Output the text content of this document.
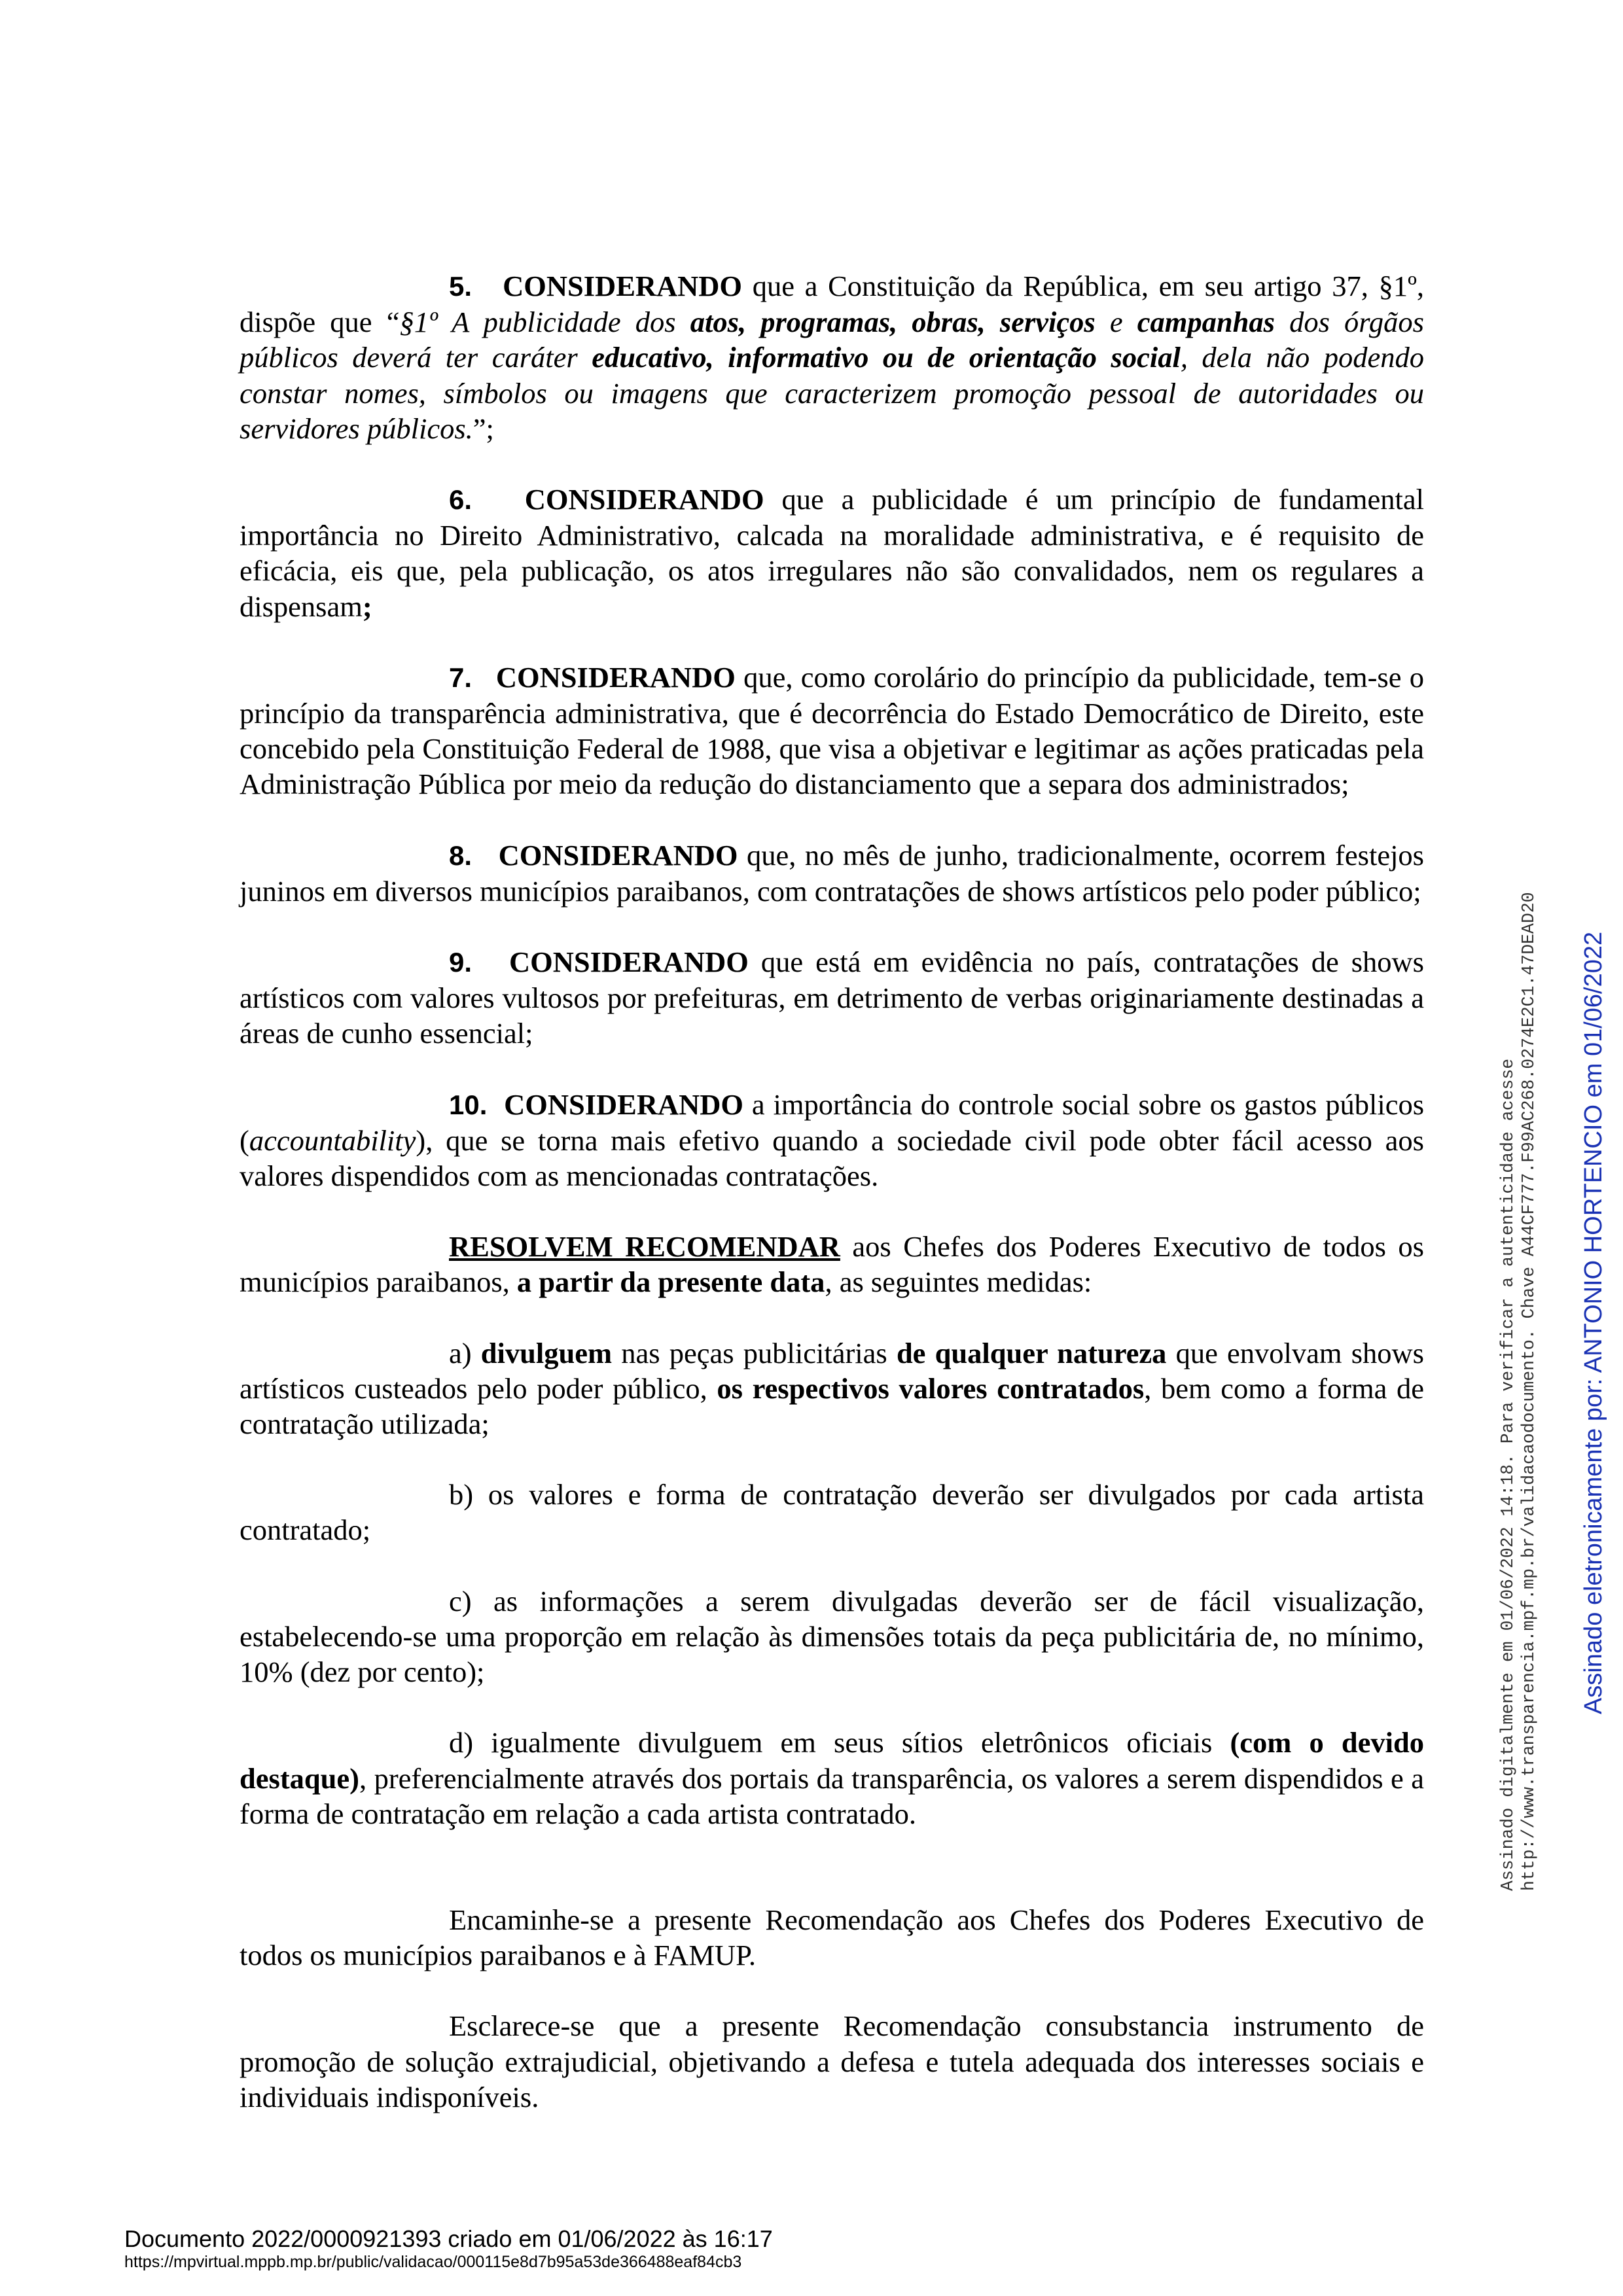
5. CONSIDERANDO que a Constituição da República, em seu artigo 37, §1º, dispõe que “§1º A publicidade dos atos, programas, obras, serviços e campanhas dos órgãos públicos deverá ter caráter educativo, informativo ou de orientação social, dela não podendo constar nomes, símbolos ou imagens que caracterizem promoção pessoal de autoridades ou servidores públicos.”;

6. CONSIDERANDO que a publicidade é um princípio de fundamental importância no Direito Administrativo, calcada na moralidade administrativa, e é requisito de eficácia, eis que, pela publicação, os atos irregulares não são convalidados, nem os regulares a dispensam;

7. CONSIDERANDO que, como corolário do princípio da publicidade, tem-se o princípio da transparência administrativa, que é decorrência do Estado Democrático de Direito, este concebido pela Constituição Federal de 1988, que visa a objetivar e legitimar as ações praticadas pela Administração Pública por meio da redução do distanciamento que a separa dos administrados;

8. CONSIDERANDO que, no mês de junho, tradicionalmente, ocorrem festejos juninos em diversos municípios paraibanos, com contratações de shows artísticos pelo poder público;

9. CONSIDERANDO que está em evidência no país, contratações de shows artísticos com valores vultosos por prefeituras, em detrimento de verbas originariamente destinadas a áreas de cunho essencial;

10. CONSIDERANDO a importância do controle social sobre os gastos públicos (accountability), que se torna mais efetivo quando a sociedade civil pode obter fácil acesso aos valores dispendidos com as mencionadas contratações.

RESOLVEM RECOMENDAR aos Chefes dos Poderes Executivo de todos os municípios paraibanos, a partir da presente data, as seguintes medidas:

a) divulguem nas peças publicitárias de qualquer natureza que envolvam shows artísticos custeados pelo poder público, os respectivos valores contratados, bem como a forma de contratação utilizada;

b) os valores e forma de contratação deverão ser divulgados por cada artista
contratado;

c) as informações a serem divulgadas deverão ser de fácil visualização, estabelecendo-se uma proporção em relação às dimensões totais da peça publicitária de, no mínimo, 10% (dez por cento);

d) igualmente divulguem em seus sítios eletrônicos oficiais (com o devido destaque), preferencialmente através dos portais da transparência, os valores a serem dispendidos e a forma de contratação em relação a cada artista contratado.

Encaminhe-se a presente Recomendação aos Chefes dos Poderes Executivo de todos os municípios paraibanos e à FAMUP.

Esclarece-se que a presente Recomendação consubstancia instrumento de promoção de solução extrajudicial, objetivando a defesa e tutela adequada dos interesses sociais e individuais indisponíveis.

Assinado digitalmente em 01/06/2022 14:18. Para verificar a autenticidade acesse http://www.transparencia.mpf.mp.br/validacaodocumento. Chave A44CF777.F99AC268.0274E2C1.47DEAD20 Assinado eletronicamente por: ANTONIO HORTENCIO em 01/06/2022
Documento 2022/0000921393 criado em 01/06/2022 às 16:17
https://mpvirtual.mppb.mp.br/public/validacao/000115e8d7b95a53de366488eaf84cb3
